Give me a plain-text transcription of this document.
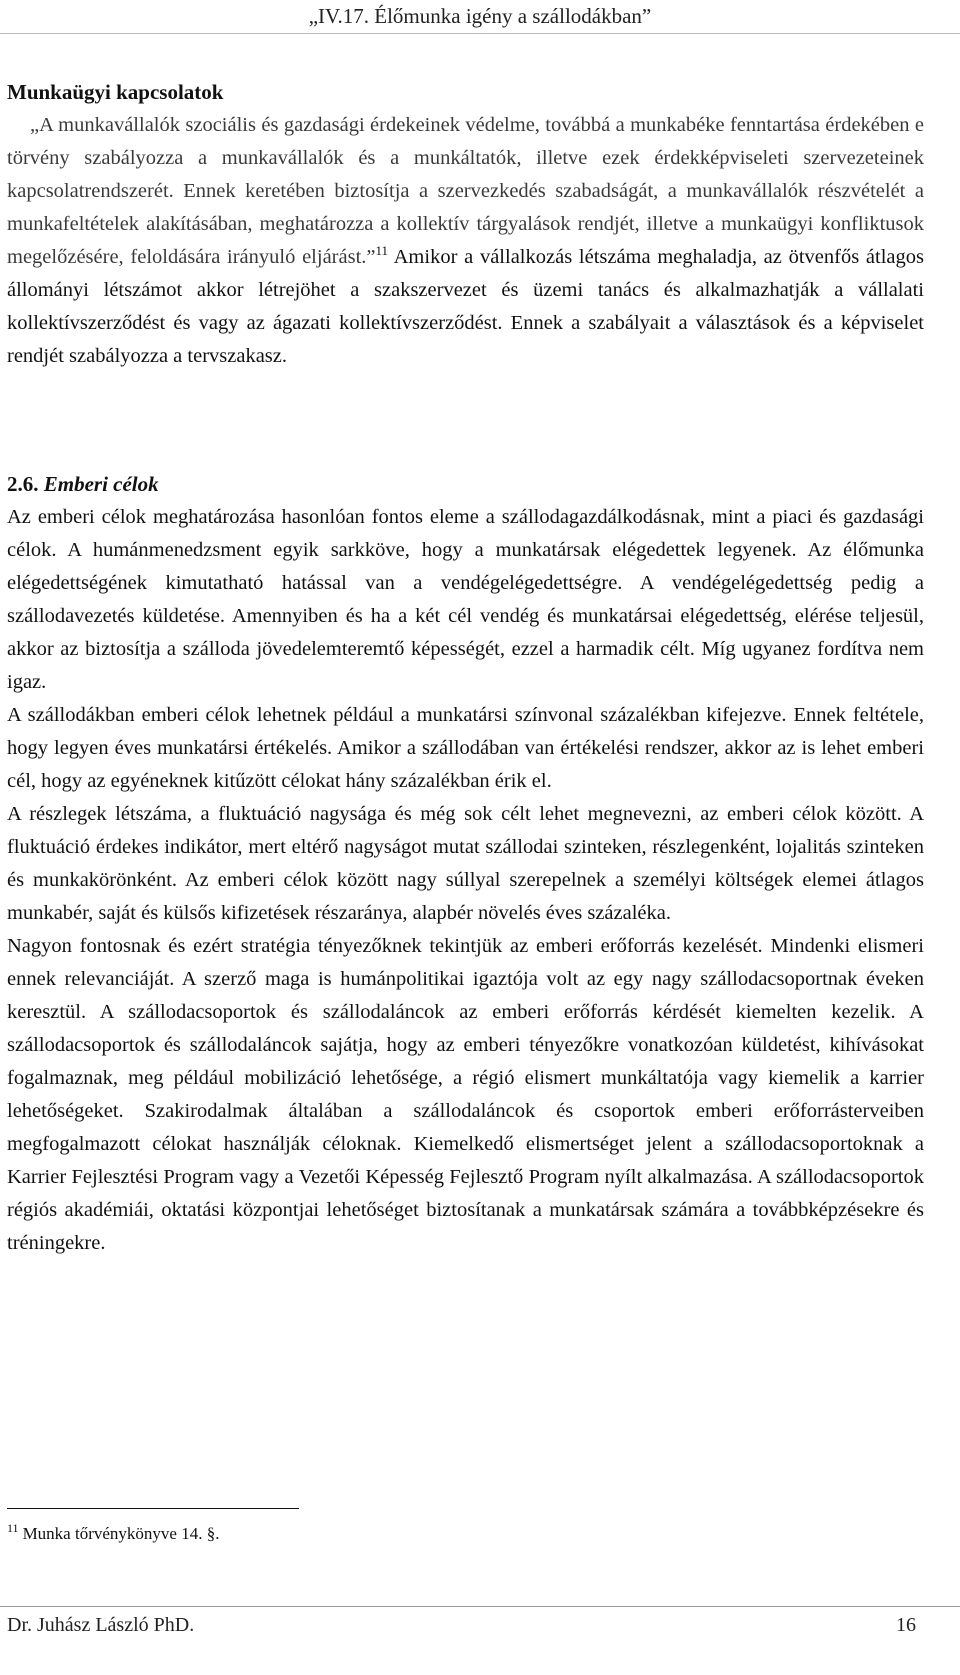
„IV.17. Élőmunka igény a szállodákban”
Munkaügyi kapcsolatok

„A munkavállalók szociális és gazdasági érdekeinek védelme, továbbá a munkabéke fenntartása érdekében e törvény szabályozza a munkavállalók és a munkáltatók, illetve ezek érdekképviseleti szervezeteinek kapcsolatrendszerét. Ennek keretében biztosítja a szervezkedés szabadságát, a munkavállalók részvételét a munkafeltételek alakításában, meghatározza a kollektív tárgyalások rendjét, illetve a munkaügyi konfliktusok megelőzésére, feloldására irányuló eljárást.”$^{11}$ Amikor a vállalkozás létszáma meghaladja, az ötvenfős átlagos állományi létszámot akkor létrejöhet a szakszervezet és üzemi tanács és alkalmazhatják a vállalati kollektívszerződést és vagy az ágazati kollektívszerződést. Ennek a szabályait a választások és a képviselet rendjét szabályozza a tervszakasz.

2.6. Emberi célok

Az emberi célok meghatározása hasonlóan fontos eleme a szállodagazdálkodásnak, mint a piaci és gazdasági célok. A humánmenedzsment egyik sarkköve, hogy a munkatársak elégedettek legyenek. Az élőmunka elégedettségének kimutatható hatással van a vendégelégedettségre. A vendégelégedettség pedig a szállodavezetés küldetése. Amennyiben és ha a két cél vendég és munkatársai elégedettség, elérése teljesül, akkor az biztosítja a szálloda jövedelemteremtő képességét, ezzel a harmadik célt. Míg ugyanez fordítva nem igaz.

A szállodákban emberi célok lehetnek például a munkatársi színvonal százalékban kifejezve. Ennek feltétele, hogy legyen éves munkatársi értékelés. Amikor a szállodában van értékelési rendszer, akkor az is lehet emberi cél, hogy az egyéneknek kitűzött célokat hány százalékban érik el.

A részlegek létszáma, a fluktuáció nagysága és még sok célt lehet megnevezni, az emberi célok között. A fluktuáció érdekes indikátor, mert eltérő nagyságot mutat szállodai szinteken, részlegenként, lojalitás szinteken és munkakörönként. Az emberi célok között nagy súllyal szerepelnek a személyi költségek elemei átlagos munkabér, saját és külsős kifizetések részaránya, alapbér növelés éves százaléka.

Nagyon fontosnak és ezért stratégia tényezőknek tekintjük az emberi erőforrás kezelését. Mindenki elismeri ennek relevanciáját. A szerző maga is humánpolitikai igaztója volt az egy nagy szállodacsoportnak éveken keresztül. A szállodacsoportok és szállodaláncok az emberi erőforrás kérdését kiemelten kezelik. A szállodacsoportok és szállodaláncok sajátja, hogy az emberi tényezőkre vonatkozóan küldetést, kihívásokat fogalmaznak, meg például mobilizáció lehetősége, a régió elismert munkáltatója vagy kiemelik a karrier lehetőségeket. Szakirodalmak általában a szállodaláncok és csoportok emberi erőforrásterveiben megfogalmazott célokat használják céloknak. Kiemelkedő elismertséget jelent a szállodacsoportoknak a Karrier Fejlesztési Program vagy a Vezetői Képesség Fejlesztő Program nyílt alkalmazása. A szállodacsoportok régiós akadémiái, oktatási központjai lehetőséget biztosítanak a munkatársak számára a továbbképzésekre és tréningekre.

$^{11}$ Munka tőrvénykönyve 14. §.
Dr. Juhász László PhD.	16
